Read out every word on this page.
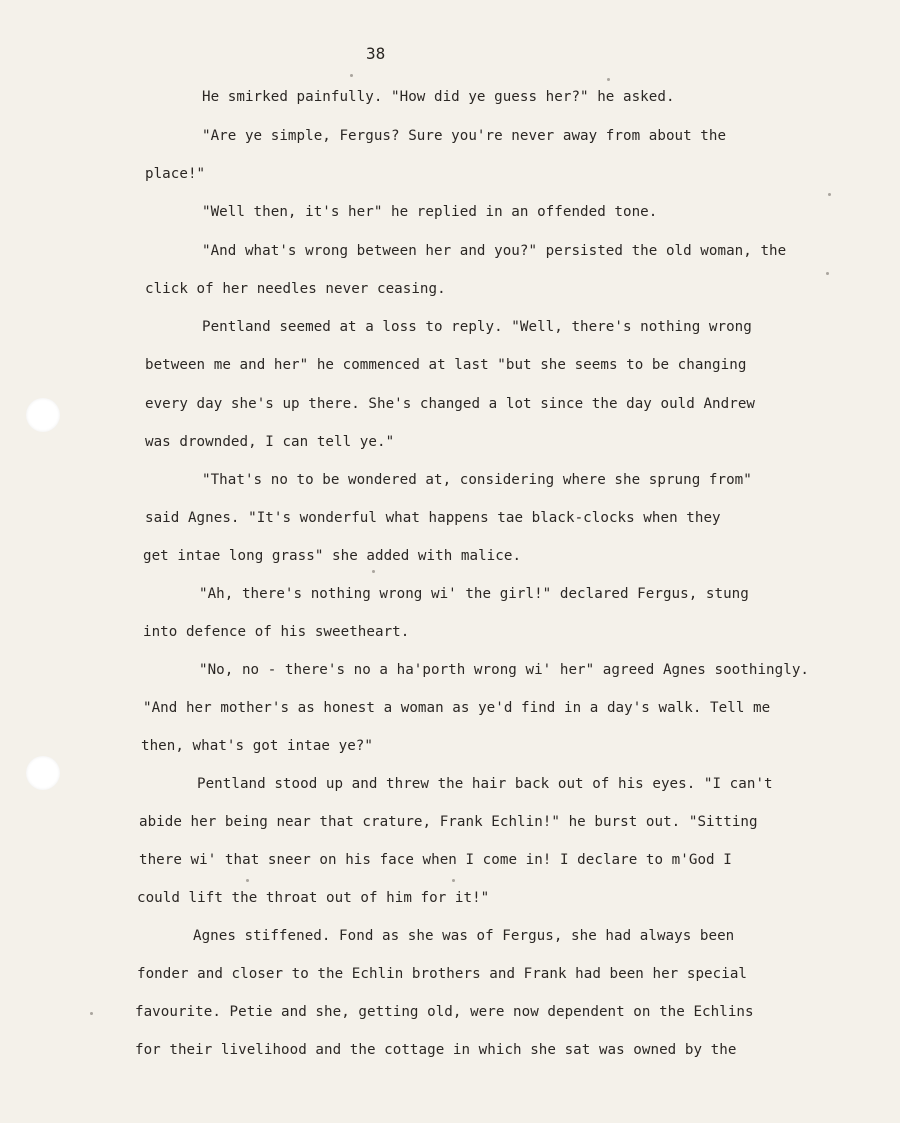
38
He smirked painfully. "How did ye guess her?" he asked.
"Are ye simple, Fergus? Sure you're never away from about the
place!"
"Well then, it's her" he replied in an offended tone.
"And what's wrong between her and you?" persisted the old woman, the
click of her needles never ceasing.
Pentland seemed at a loss to reply. "Well, there's nothing wrong
between me and her" he commenced at last "but she seems to be changing
every day she's up there. She's changed a lot since the day ould Andrew
was drownded, I can tell ye."
"That's no to be wondered at, considering where she sprung from"
said Agnes. "It's wonderful what happens tae black-clocks when they
get intae long grass" she added with malice.
"Ah, there's nothing wrong wi' the girl!" declared Fergus, stung
into defence of his sweetheart.
"No, no - there's no a ha'porth wrong wi' her" agreed Agnes soothingly.
"And her mother's as honest a woman as ye'd find in a day's walk. Tell me
then, what's got intae ye?"
Pentland stood up and threw the hair back out of his eyes. "I can't
abide her being near that crature, Frank Echlin!" he burst out. "Sitting
there wi' that sneer on his face when I come in! I declare to m'God I
could lift the throat out of him for it!"
Agnes stiffened. Fond as she was of Fergus, she had always been
fonder and closer to the Echlin brothers and Frank had been her special
favourite. Petie and she, getting old, were now dependent on the Echlins
for their livelihood and the cottage in which she sat was owned by the
